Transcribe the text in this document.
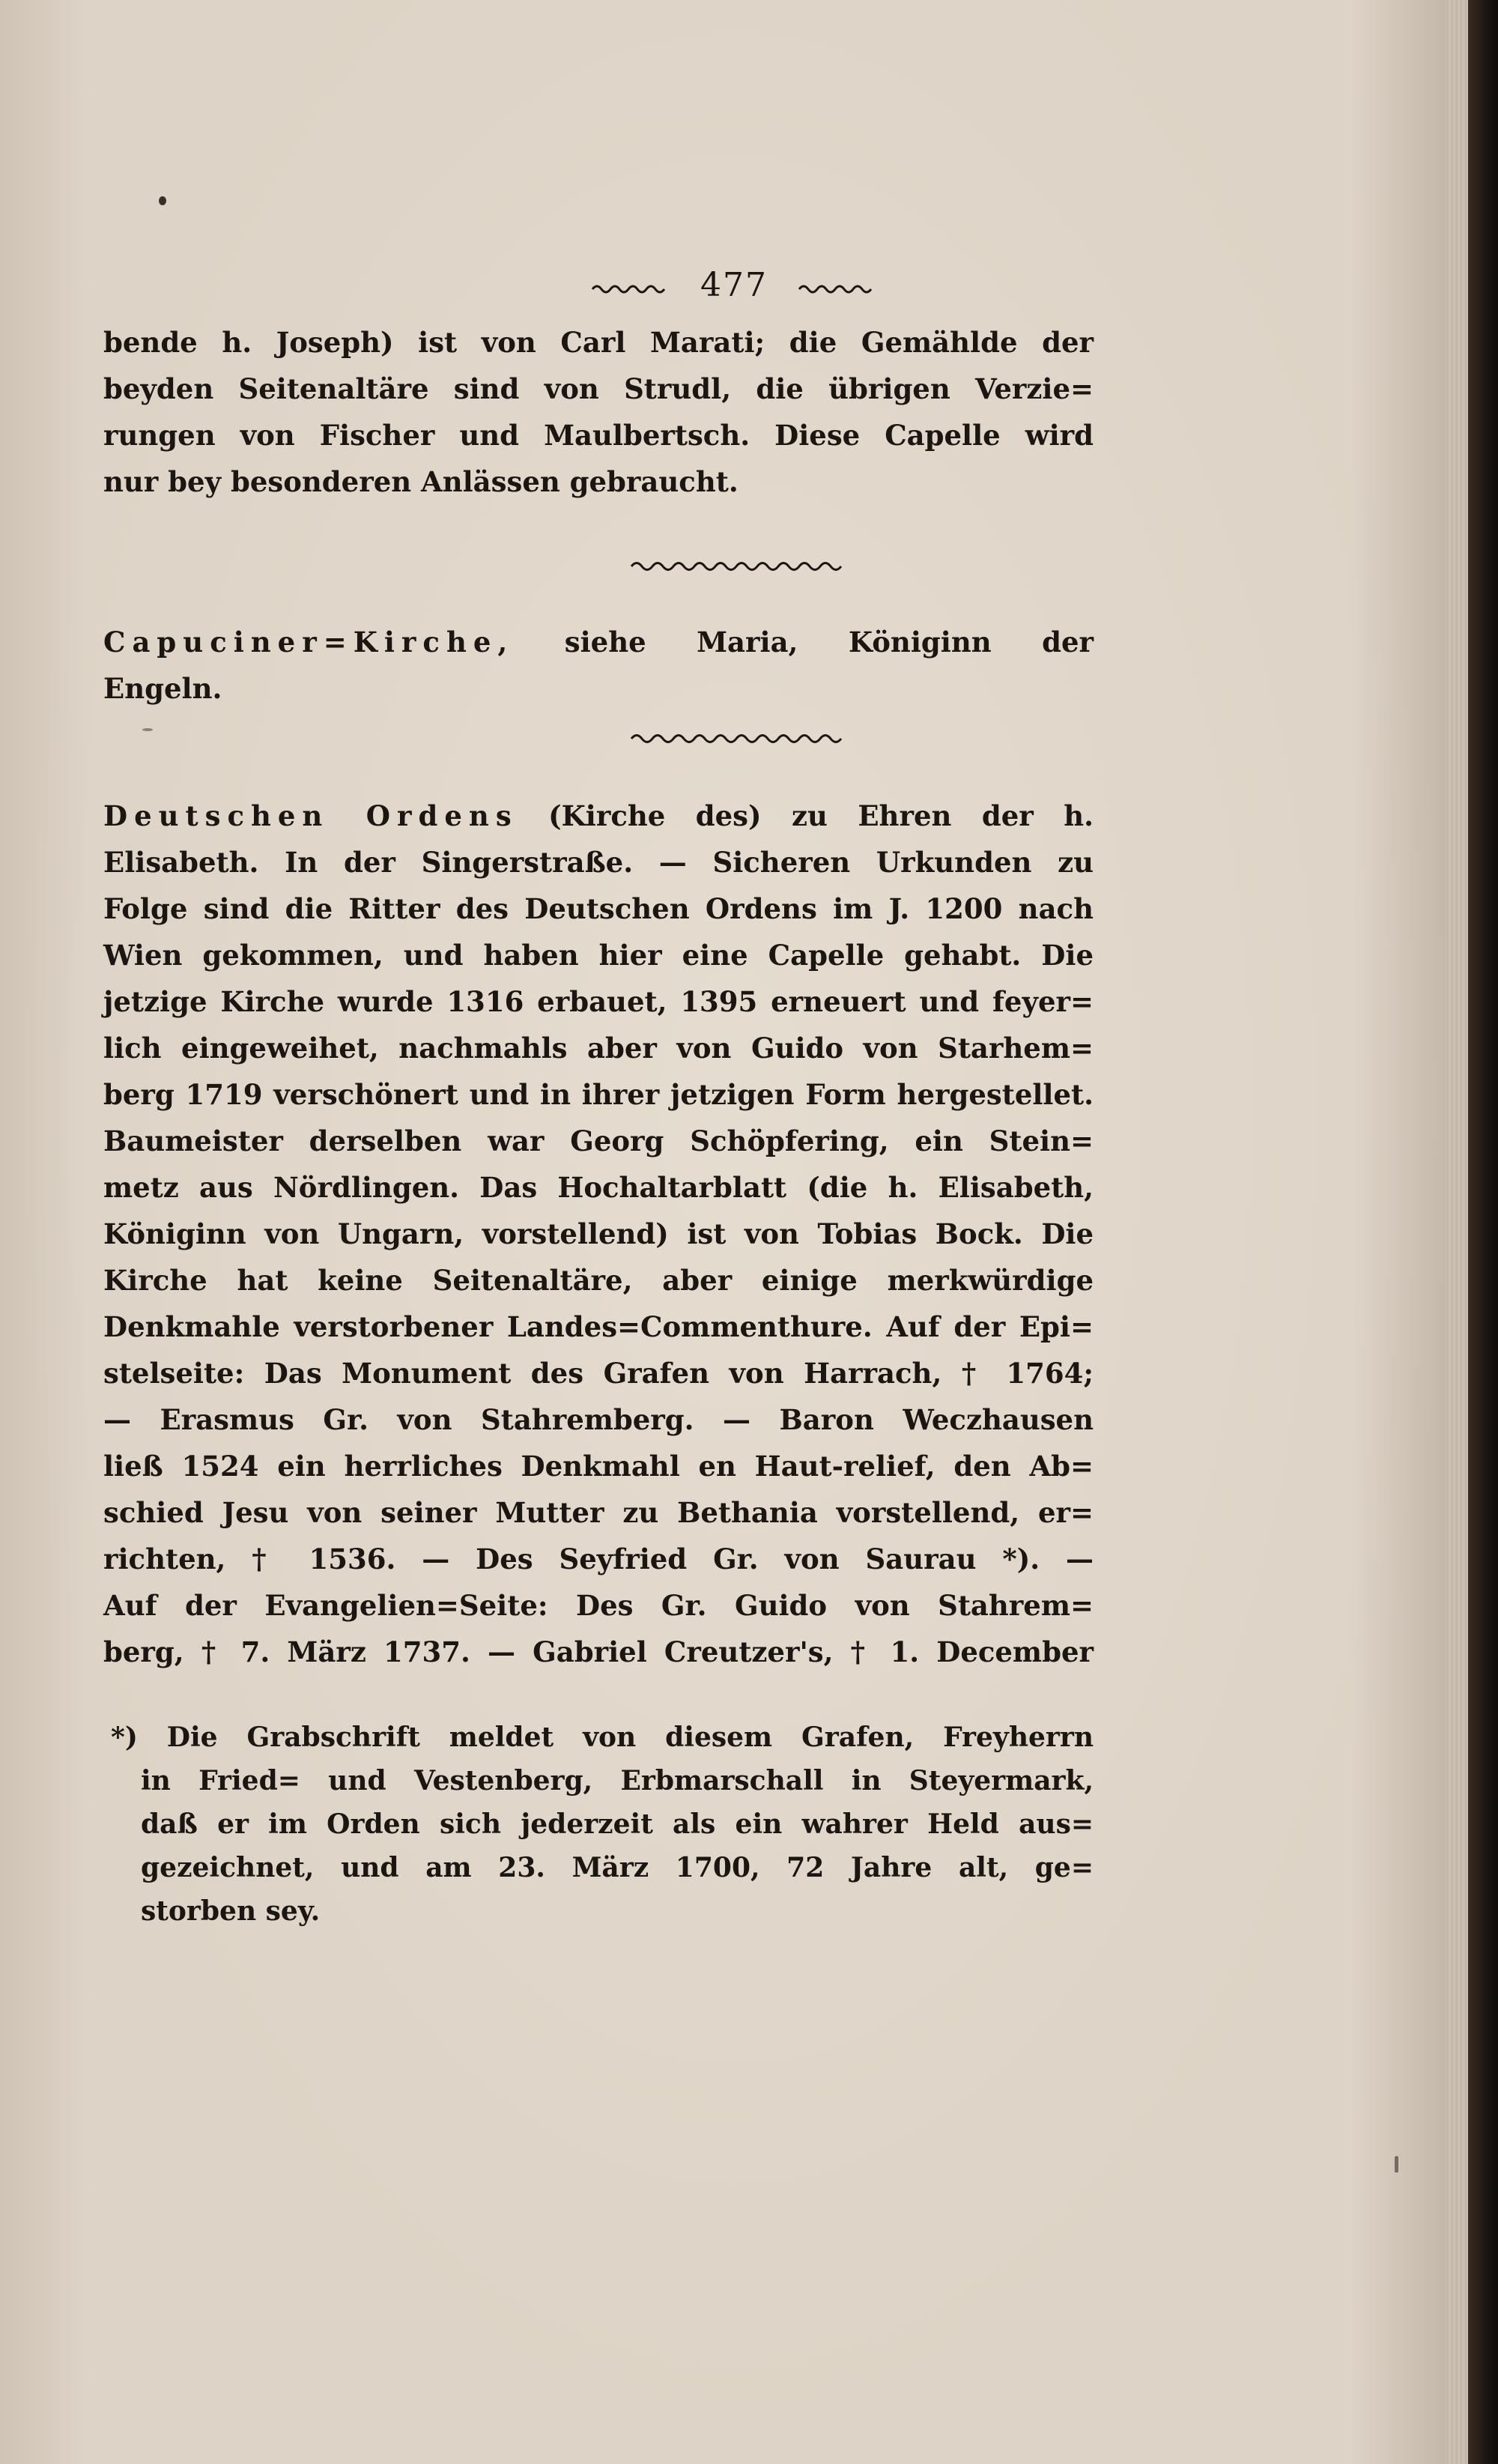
477
bende h. Joseph) ist von Carl Marati; die Gemählde der
beyden Seitenaltäre sind von Strudl, die übrigen Verzie=
rungen von Fischer und Maulbertsch. Diese Capelle wird
nur bey besonderen Anlässen gebraucht.
Capuciner=Kirche, siehe Maria, Königinn der
Engeln.
Deutschen Ordens (Kirche des) zu Ehren der h.
Elisabeth. In der Singerstraße. — Sicheren Urkunden zu
Folge sind die Ritter des Deutschen Ordens im J. 1200 nach
Wien gekommen, und haben hier eine Capelle gehabt. Die
jetzige Kirche wurde 1316 erbauet, 1395 erneuert und feyer=
lich eingeweihet, nachmahls aber von Guido von Starhem=
berg 1719 verschönert und in ihrer jetzigen Form hergestellet.
Baumeister derselben war Georg Schöpfering, ein Stein=
metz aus Nördlingen. Das Hochaltarblatt (die h. Elisabeth,
Königinn von Ungarn, vorstellend) ist von Tobias Bock. Die
Kirche hat keine Seitenaltäre, aber einige merkwürdige
Denkmahle verstorbener Landes=Commenthure. Auf der Epi=
stelseite: Das Monument des Grafen von Harrach, † 1764;
— Erasmus Gr. von Stahremberg. — Baron Weczhausen
ließ 1524 ein herrliches Denkmahl en Haut-relief, den Ab=
schied Jesu von seiner Mutter zu Bethania vorstellend, er=
richten, † 1536. — Des Seyfried Gr. von Saurau *). —
Auf der Evangelien=Seite: Des Gr. Guido von Stahrem=
berg, † 7. März 1737. — Gabriel Creutzer's, † 1. December
*) Die Grabschrift meldet von diesem Grafen, Freyherrn
in Fried= und Vestenberg, Erbmarschall in Steyermark,
daß er im Orden sich jederzeit als ein wahrer Held aus=
gezeichnet, und am 23. März 1700, 72 Jahre alt, ge=
storben sey.
